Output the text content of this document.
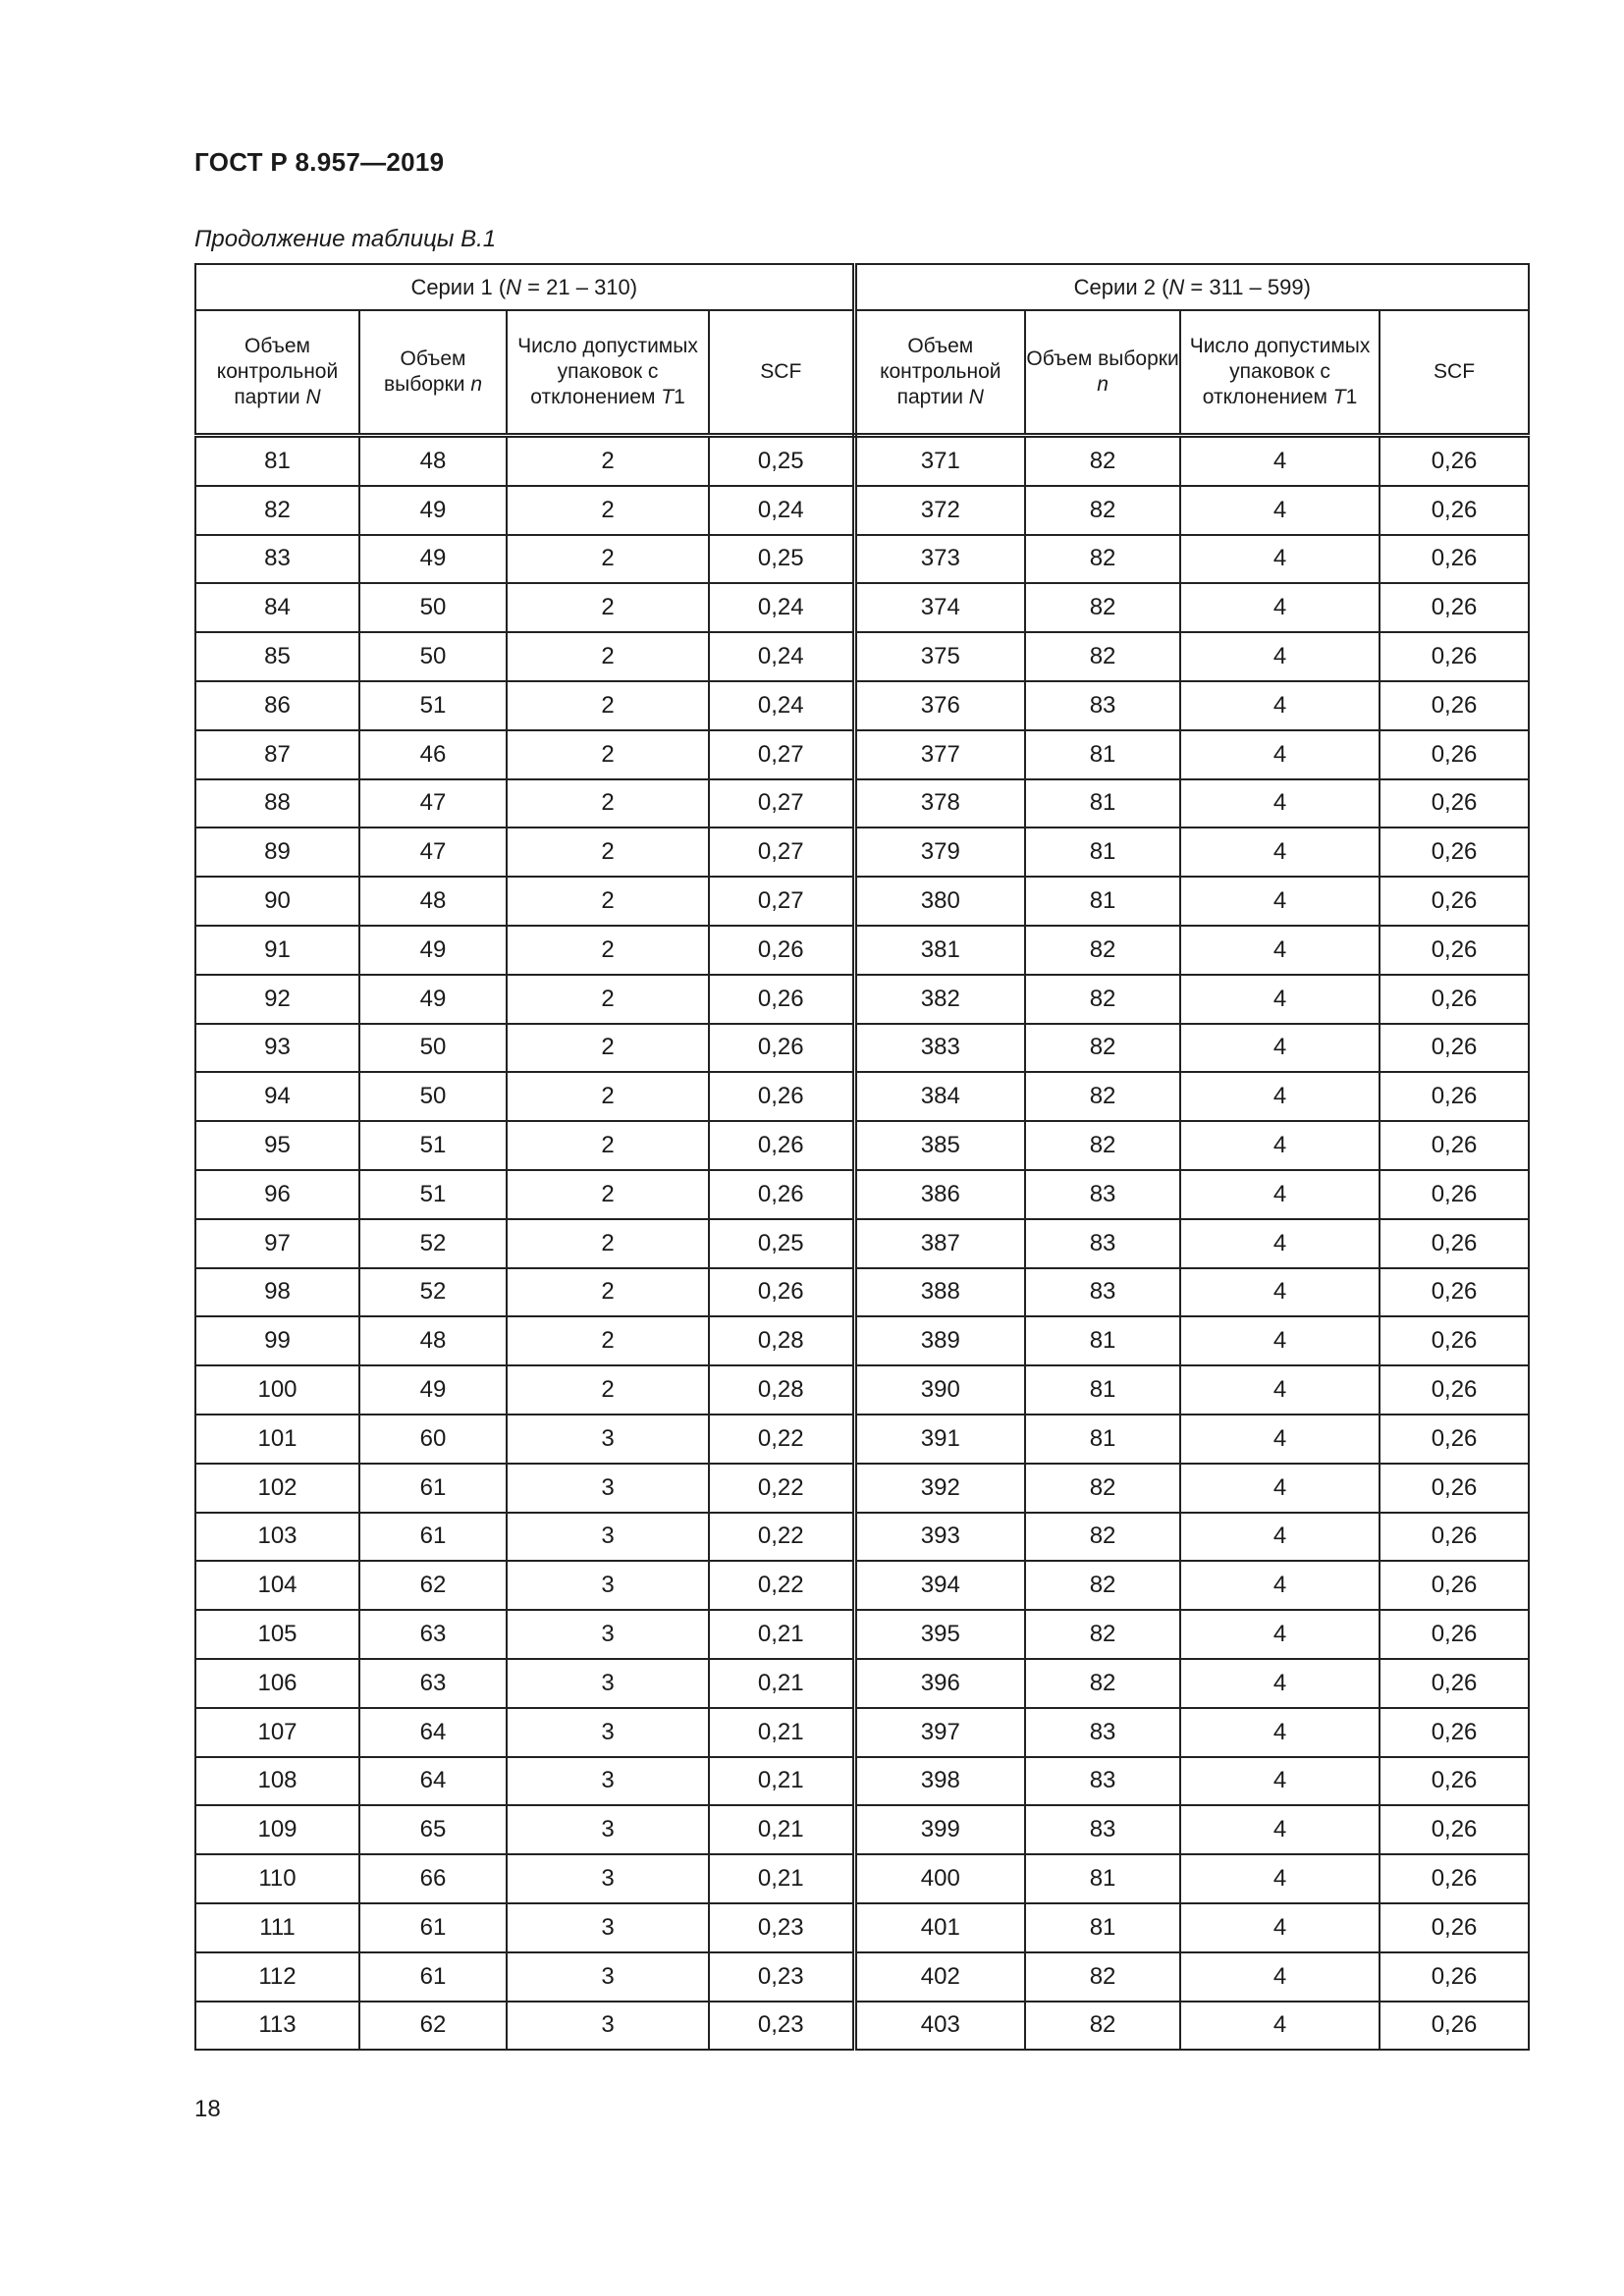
ГОСТ Р 8.957—2019
Продолжение таблицы В.1
Серии 1 (N = 21 – 310)				Серии 2 (N = 311 – 599)			
Объем контрольной партии N	Объем выборки n	Число допустимых упаковок с отклонением T1	SCF	Объем контрольной партии N	Объем выборки n	Число допустимых упаковок с отклонением T1	SCF
81	48	2	0,25	371	82	4	0,26
82	49	2	0,24	372	82	4	0,26
83	49	2	0,25	373	82	4	0,26
84	50	2	0,24	374	82	4	0,26
85	50	2	0,24	375	82	4	0,26
86	51	2	0,24	376	83	4	0,26
87	46	2	0,27	377	81	4	0,26
88	47	2	0,27	378	81	4	0,26
89	47	2	0,27	379	81	4	0,26
90	48	2	0,27	380	81	4	0,26
91	49	2	0,26	381	82	4	0,26
92	49	2	0,26	382	82	4	0,26
93	50	2	0,26	383	82	4	0,26
94	50	2	0,26	384	82	4	0,26
95	51	2	0,26	385	82	4	0,26
96	51	2	0,26	386	83	4	0,26
97	52	2	0,25	387	83	4	0,26
98	52	2	0,26	388	83	4	0,26
99	48	2	0,28	389	81	4	0,26
100	49	2	0,28	390	81	4	0,26
101	60	3	0,22	391	81	4	0,26
102	61	3	0,22	392	82	4	0,26
103	61	3	0,22	393	82	4	0,26
104	62	3	0,22	394	82	4	0,26
105	63	3	0,21	395	82	4	0,26
106	63	3	0,21	396	82	4	0,26
107	64	3	0,21	397	83	4	0,26
108	64	3	0,21	398	83	4	0,26
109	65	3	0,21	399	83	4	0,26
110	66	3	0,21	400	81	4	0,26
111	61	3	0,23	401	81	4	0,26
112	61	3	0,23	402	82	4	0,26
113	62	3	0,23	403	82	4	0,26
18
